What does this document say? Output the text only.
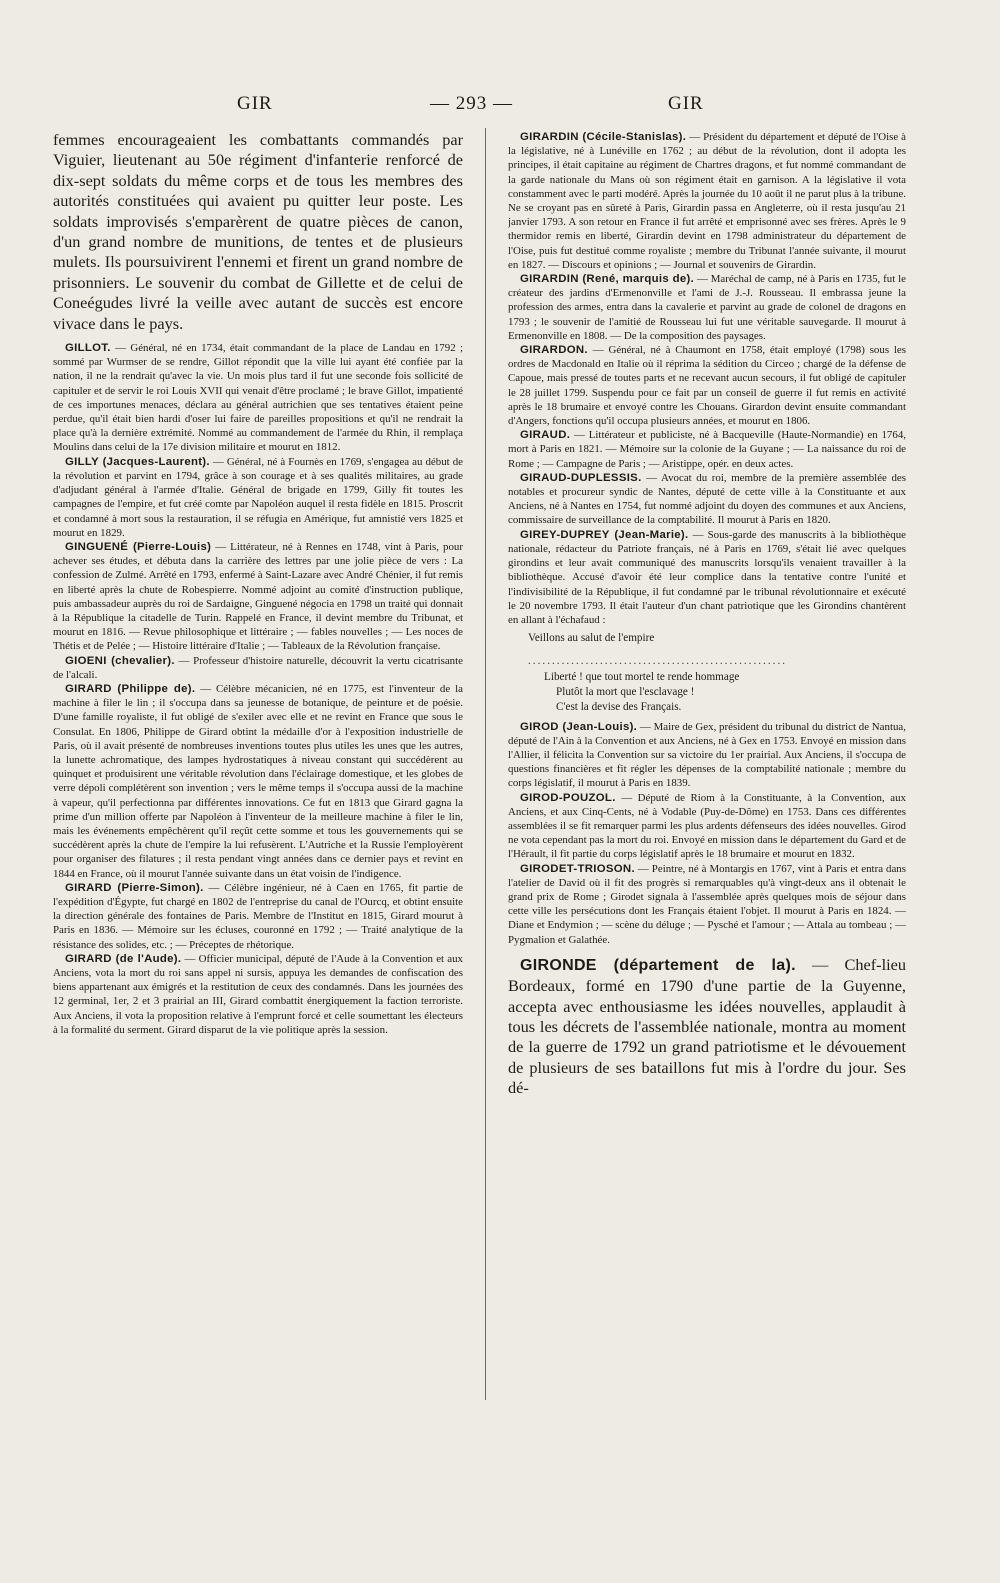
GIR	— 293 —	GIR

femmes encourageaient les combattants commandés par Viguier, lieutenant au 50e régiment d'infanterie renforcé de dix-sept soldats du même corps et de tous les membres des autorités constituées qui avaient pu quitter leur poste. Les soldats improvisés s'emparèrent de quatre pièces de canon, d'un grand nombre de munitions, de tentes et de plusieurs mulets. Ils poursuivirent l'ennemi et firent un grand nombre de prisonniers. Le souvenir du combat de Gillette et de celui de Coneégudes livré la veille avec autant de succès est encore vivace dans le pays.

GILLOT. — Général, né en 1734, était commandant de la place de Landau en 1792 ; sommé par Wurmser de se rendre, Gillot répondit que la ville lui ayant été confiée par la nation, il ne la rendrait qu'avec la vie. Un mois plus tard il fut une seconde fois sollicité de capituler et de servir le roi Louis XVII qui venait d'être proclamé ; le brave Gillot, impatienté de ces importunes menaces, déclara au général autrichien que ses tentatives étaient peine perdue, qu'il était bien hardi d'oser lui faire de pareilles propositions et qu'il ne rendrait la place qu'à la dernière extrémité. Nommé au commandement de l'armée du Rhin, il remplaça Moulins dans celui de la 17e division militaire et mourut en 1812.

GILLY (Jacques-Laurent). — Général, né à Fournès en 1769, s'engagea au début de la révolution et parvint en 1794, grâce à son courage et à ses qualités militaires, au grade d'adjudant général à l'armée d'Italie. Général de brigade en 1799, Gilly fit toutes les campagnes de l'empire, et fut créé comte par Napoléon auquel il resta fidèle en 1815. Proscrit et condamné à mort sous la restauration, il se réfugia en Amérique, fut amnistié vers 1825 et mourut en 1829.

GINGUENÉ (Pierre-Louis) — Littérateur, né à Rennes en 1748, vint à Paris, pour achever ses études, et débuta dans la carrière des lettres par une jolie pièce de vers : La confession de Zulmé. Arrêté en 1793, enfermé à Saint-Lazare avec André Chénier, il fut remis en liberté après la chute de Robespierre. Nommé adjoint au comité d'instruction publique, puis ambassadeur auprès du roi de Sardaigne, Ginguené négocia en 1798 un traité qui donnait à la République la citadelle de Turin. Rappelé en France, il devint membre du Tribunat, et mourut en 1816. — Revue philosophique et littéraire ; — fables nouvelles ; — Les noces de Thétis et de Pelée ; — Histoire littéraire d'Italie ; — Tableaux de la Révolution française.

GIOENI (chevalier). — Professeur d'histoire naturelle, découvrit la vertu cicatrisante de l'alcali.

GIRARD (Philippe de). — Célèbre mécanicien, né en 1775, est l'inventeur de la machine à filer le lin ; il s'occupa dans sa jeunesse de botanique, de peinture et de poésie. D'une famille royaliste, il fut obligé de s'exiler avec elle et ne revint en France que sous le Consulat. En 1806, Philippe de Girard obtint la médaille d'or à l'exposition industrielle de Paris, où il avait présenté de nombreuses inventions toutes plus utiles les unes que les autres, la lunette achromatique, des lampes hydrostatiques à niveau constant qui succédèrent au quinquet et produisirent une véritable révolution dans l'éclairage domestique, et les globes de verre dépoli complétèrent son invention ; vers le même temps il s'occupa aussi de la machine à vapeur, qu'il perfectionna par différentes innovations. Ce fut en 1813 que Girard gagna la prime d'un million offerte par Napoléon à l'inventeur de la meilleure machine à filer le lin, mais les événements empêchèrent qu'il reçût cette somme et tous les gouvernements qui se succédèrent après la chute de l'empire la lui refusèrent. L'Autriche et la Russie l'employèrent pour organiser des filatures ; il resta pendant vingt années dans ce dernier pays et revint en 1844 en France, où il mourut l'année suivante dans un état voisin de l'indigence.

GIRARD (Pierre-Simon). — Célèbre ingénieur, né à Caen en 1765, fit partie de l'expédition d'Égypte, fut chargé en 1802 de l'entreprise du canal de l'Ourcq, et obtint ensuite la direction générale des fontaines de Paris. Membre de l'Institut en 1815, Girard mourut à Paris en 1836. — Mémoire sur les écluses, couronné en 1792 ; — Traité analytique de la résistance des solides, etc. ; — Préceptes de rhétorique.

GIRARD (de l'Aude). — Officier municipal, député de l'Aude à la Convention et aux Anciens, vota la mort du roi sans appel ni sursis, appuya les demandes de confiscation des biens appartenant aux émigrés et la restitution de ceux des condamnés. Dans les journées des 12 germinal, 1er, 2 et 3 prairial an III, Girard combattit énergiquement la faction terroriste. Aux Anciens, il vota la proposition relative à l'emprunt forcé et celle soumettant les électeurs à la formalité du serment. Girard disparut de la vie politique après la session.

GIRARDIN (Cécile-Stanislas). — Président du département et député de l'Oise à la législative, né à Lunéville en 1762 ; au début de la révolution, dont il adopta les principes, il était capitaine au régiment de Chartres dragons, et fut nommé commandant de la garde nationale du Mans où son régiment était en garnison. A la législative il vota constamment avec le parti modéré. Après la journée du 10 août il ne parut plus à la tribune. Ne se croyant pas en sûreté à Paris, Girardin passa en Angleterre, où il resta jusqu'au 21 janvier 1793. A son retour en France il fut arrêté et emprisonné avec ses frères. Après le 9 thermidor remis en liberté, Girardin devint en 1798 administrateur du département de l'Oise, puis fut destitué comme royaliste ; membre du Tribunat l'année suivante, il mourut en 1827. — Discours et opinions ; — Journal et souvenirs de Girardin.

GIRARDIN (René, marquis de). — Maréchal de camp, né à Paris en 1735, fut le créateur des jardins d'Ermenonville et l'ami de J.-J. Rousseau. Il embrassa jeune la profession des armes, entra dans la cavalerie et parvint au grade de colonel de dragons en 1793 ; le souvenir de l'amitié de Rousseau lui fut une véritable sauvegarde. Il mourut à Ermenonville en 1808. — De la composition des paysages.

GIRARDON. — Général, né à Chaumont en 1758, était employé (1798) sous les ordres de Macdonald en Italie où il réprima la sédition du Circeo ; chargé de la défense de Capoue, mais pressé de toutes parts et ne recevant aucun secours, il fut obligé de capituler le 28 juillet 1799. Suspendu pour ce fait par un conseil de guerre il fut remis en activité après le 18 brumaire et envoyé contre les Chouans. Girardon devint ensuite commandant d'Angers, fonctions qu'il occupa plusieurs années, et mourut en 1806.

GIRAUD. — Littérateur et publiciste, né à Bacqueville (Haute-Normandie) en 1764, mort à Paris en 1821. — Mémoire sur la colonie de la Guyane ; — La naissance du roi de Rome ; — Campagne de Paris ; — Aristippe, opér. en deux actes.

GIRAUD-DUPLESSIS. — Avocat du roi, membre de la première assemblée des notables et procureur syndic de Nantes, député de cette ville à la Constituante et aux Anciens, né à Nantes en 1754, fut nommé adjoint du doyen des communes et aux Anciens, commissaire de surveillance de la comptabilité. Il mourut à Paris en 1820.

GIREY-DUPREY (Jean-Marie). — Sous-garde des manuscrits à la bibliothèque nationale, rédacteur du Patriote français, né à Paris en 1769, s'était lié avec quelques girondins et leur avait communiqué des manuscrits lorsqu'ils venaient travailler à la bibliothèque. Accusé d'avoir été leur complice dans la tentative contre l'unité et l'indivisibilité de la République, il fut condamné par le tribunal révolutionnaire et exécuté le 20 novembre 1793. Il était l'auteur d'un chant patriotique que les Girondins chantèrent en allant à l'échafaud :

Veillons au salut de l'empire
......................................................
Liberté ! que tout mortel te rende hommage
Plutôt la mort que l'esclavage !
C'est la devise des Français.

GIROD (Jean-Louis). — Maire de Gex, président du tribunal du district de Nantua, député de l'Ain à la Convention et aux Anciens, né à Gex en 1753. Envoyé en mission dans l'Allier, il félicita la Convention sur sa victoire du 1er prairial. Aux Anciens, il s'occupa de questions financières et fit régler les dépenses de la comptabilité nationale ; membre du corps législatif, il mourut à Paris en 1839.

GIROD-POUZOL. — Député de Riom à la Constituante, à la Convention, aux Anciens, et aux Cinq-Cents, né à Vodable (Puy-de-Dôme) en 1753. Dans ces différentes assemblées il se fit remarquer parmi les plus ardents défenseurs des idées nouvelles. Girod ne vota cependant pas la mort du roi. Envoyé en mission dans le département du Gard et de l'Hérault, il fit partie du corps législatif après le 18 brumaire et mourut en 1832.

GIRODET-TRIOSON. — Peintre, né à Montargis en 1767, vint à Paris et entra dans l'atelier de David où il fit des progrès si remarquables qu'à vingt-deux ans il obtenait le grand prix de Rome ; Girodet signala à l'assemblée après quelques mois de séjour dans cette ville les persécutions dont les Français étaient l'objet. Il mourut à Paris en 1824. — Diane et Endymion ; — scène du déluge ; — Pysché et l'amour ; — Attala au tombeau ; — Pygmalion et Galathée.

GIRONDE (département de la). — Chef-lieu Bordeaux, formé en 1790 d'une partie de la Guyenne, accepta avec enthousiasme les idées nouvelles, applaudit à tous les décrets de l'assemblée nationale, montra au moment de la guerre de 1792 un grand patriotisme et le dévouement de plusieurs de ses bataillons fut mis à l'ordre du jour. Ses dé-
